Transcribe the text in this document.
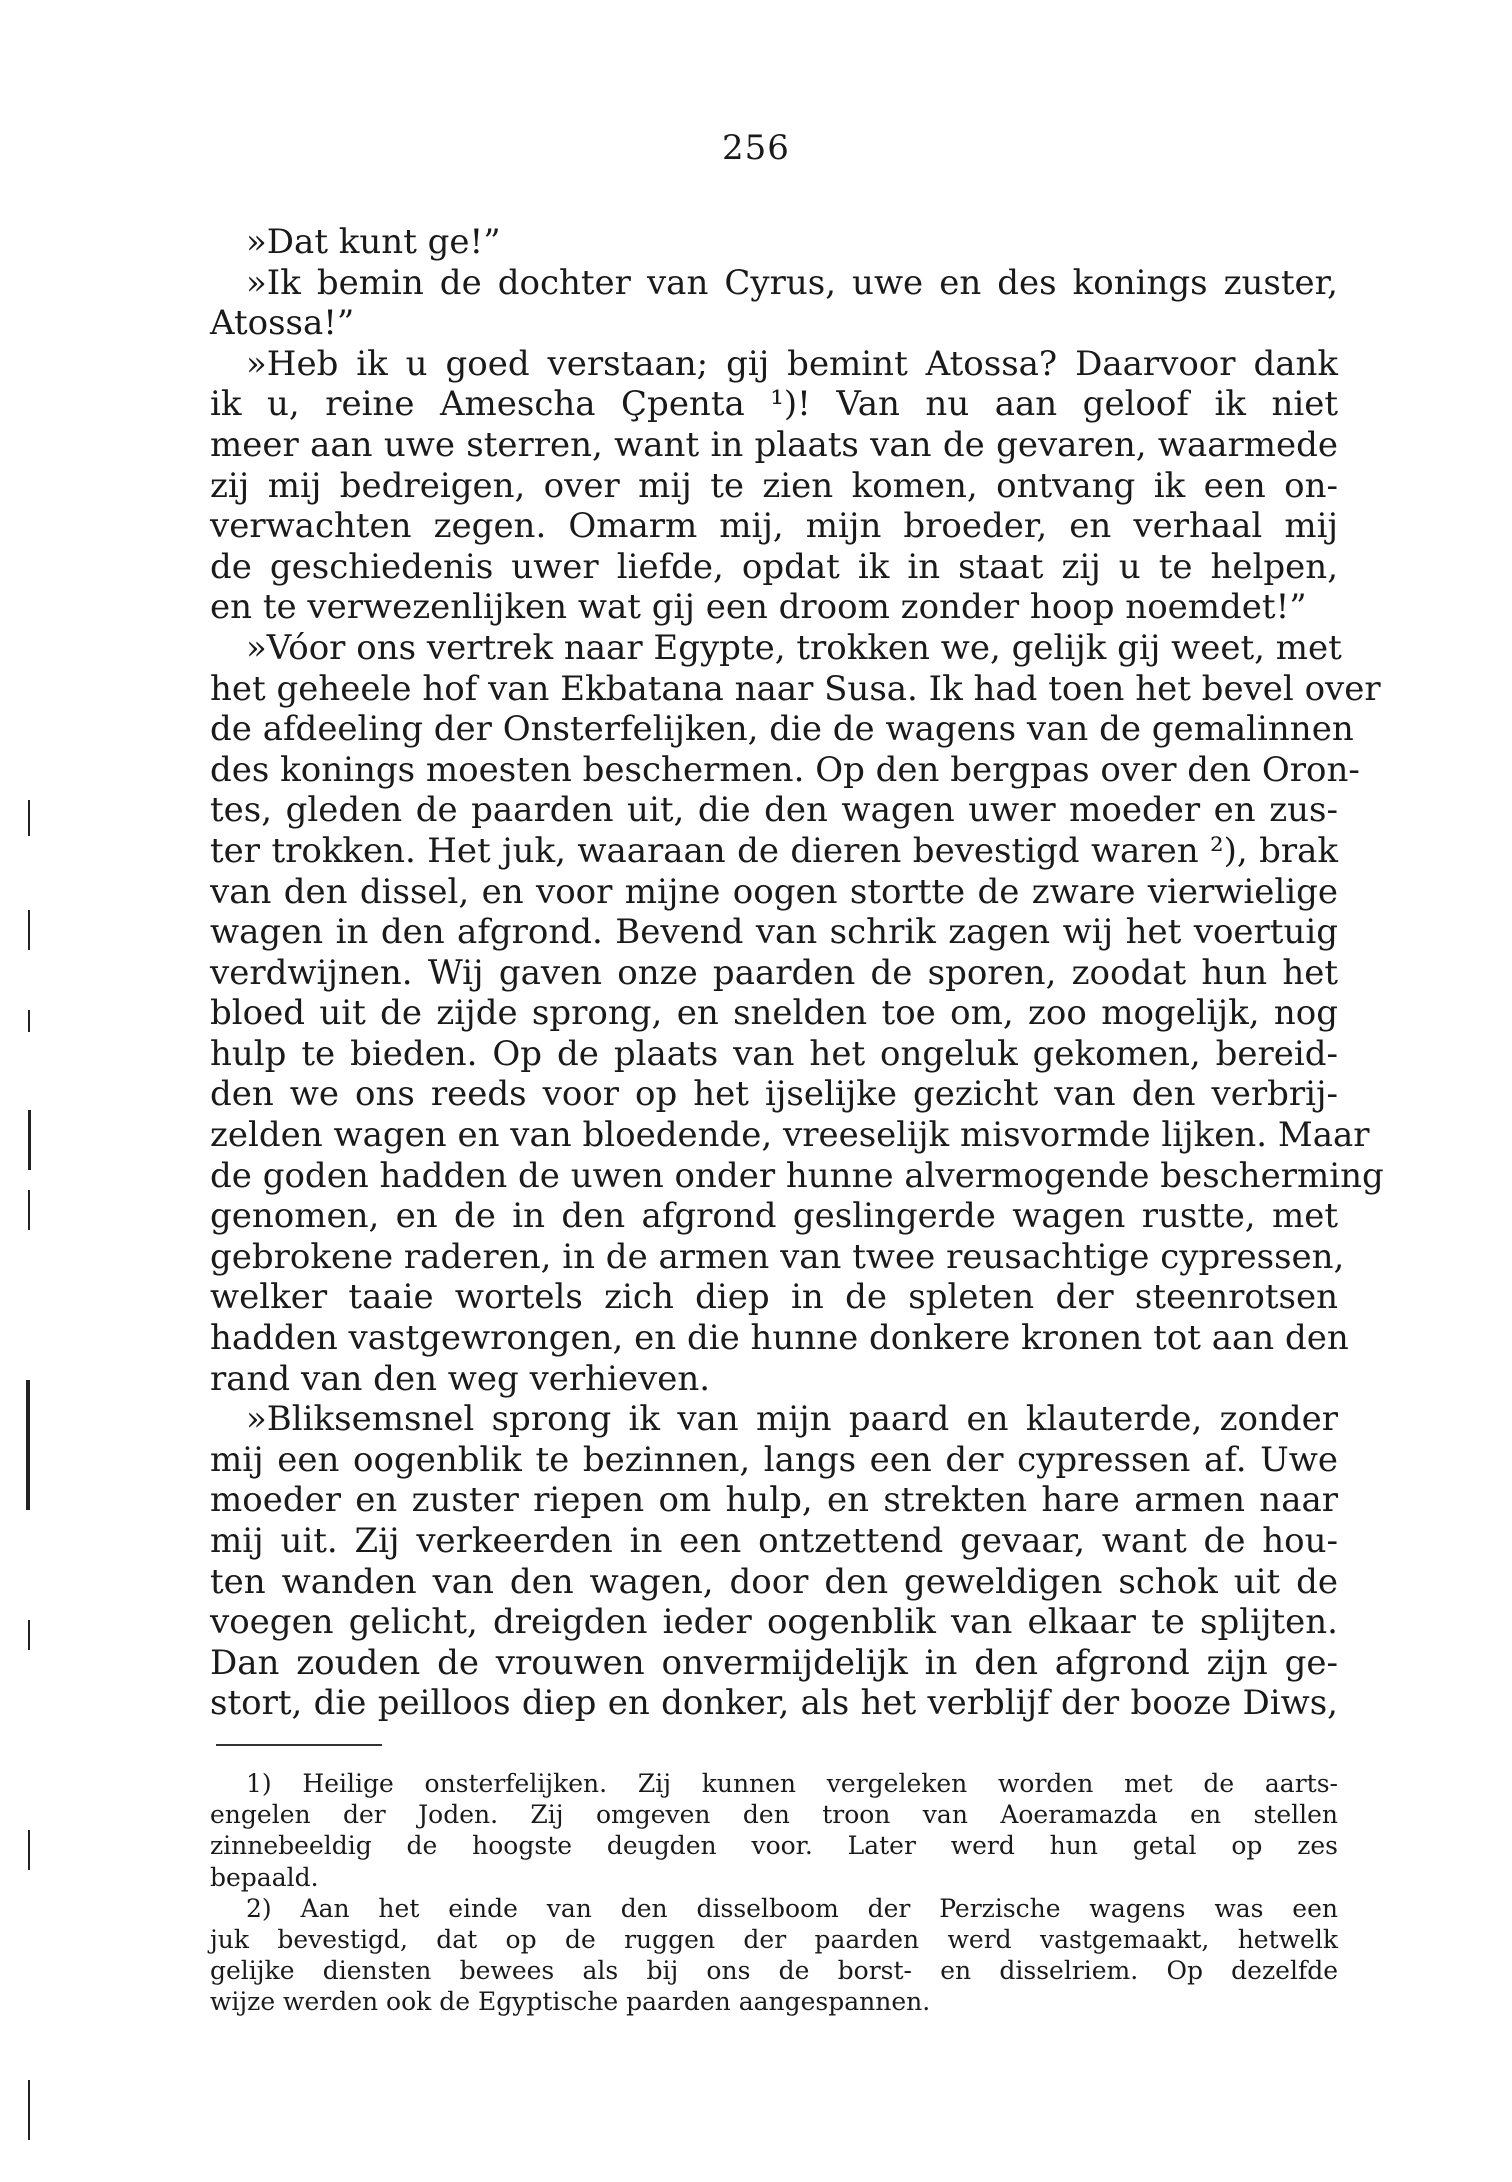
256
»Dat kunt ge!”
»Ik bemin de dochter van Cyrus, uwe en des konings zuster,
Atossa!”
»Heb ik u goed verstaan; gij bemint Atossa? Daarvoor dank
ik u, reine Amescha Çpenta ¹)! Van nu aan geloof ik niet
meer aan uwe sterren, want in plaats van de gevaren, waarmede
zij mij bedreigen, over mij te zien komen, ontvang ik een on-
verwachten zegen. Omarm mij, mijn broeder, en verhaal mij
de geschiedenis uwer liefde, opdat ik in staat zij u te helpen,
en te verwezenlijken wat gij een droom zonder hoop noemdet!”
»Vóor ons vertrek naar Egypte, trokken we, gelijk gij weet, met
het geheele hof van Ekbatana naar Susa. Ik had toen het bevel over
de afdeeling der Onsterfelijken, die de wagens van de gemalinnen
des konings moesten beschermen. Op den bergpas over den Oron-
tes, gleden de paarden uit, die den wagen uwer moeder en zus-
ter trokken. Het juk, waaraan de dieren bevestigd waren ²), brak
van den dissel, en voor mijne oogen stortte de zware vierwielige
wagen in den afgrond. Bevend van schrik zagen wij het voertuig
verdwijnen. Wij gaven onze paarden de sporen, zoodat hun het
bloed uit de zijde sprong, en snelden toe om, zoo mogelijk, nog
hulp te bieden. Op de plaats van het ongeluk gekomen, bereid-
den we ons reeds voor op het ijselijke gezicht van den verbrij-
zelden wagen en van bloedende, vreeselijk misvormde lijken. Maar
de goden hadden de uwen onder hunne alvermogende bescherming
genomen, en de in den afgrond geslingerde wagen rustte, met
gebrokene raderen, in de armen van twee reusachtige cypressen,
welker taaie wortels zich diep in de spleten der steenrotsen
hadden vastgewrongen, en die hunne donkere kronen tot aan den
rand van den weg verhieven.
»Bliksemsnel sprong ik van mijn paard en klauterde, zonder
mij een oogenblik te bezinnen, langs een der cypressen af. Uwe
moeder en zuster riepen om hulp, en strekten hare armen naar
mij uit. Zij verkeerden in een ontzettend gevaar, want de hou-
ten wanden van den wagen, door den geweldigen schok uit de
voegen gelicht, dreigden ieder oogenblik van elkaar te splijten.
Dan zouden de vrouwen onvermijdelijk in den afgrond zijn ge-
stort, die peilloos diep en donker, als het verblijf der booze Diws,
1) Heilige onsterfelijken. Zij kunnen vergeleken worden met de aarts-
engelen der Joden. Zij omgeven den troon van Aoeramazda en stellen
zinnebeeldig de hoogste deugden voor. Later werd hun getal op zes
bepaald.
2) Aan het einde van den disselboom der Perzische wagens was een
juk bevestigd, dat op de ruggen der paarden werd vastgemaakt, hetwelk
gelijke diensten bewees als bij ons de borst- en disselriem. Op dezelfde
wijze werden ook de Egyptische paarden aangespannen.
